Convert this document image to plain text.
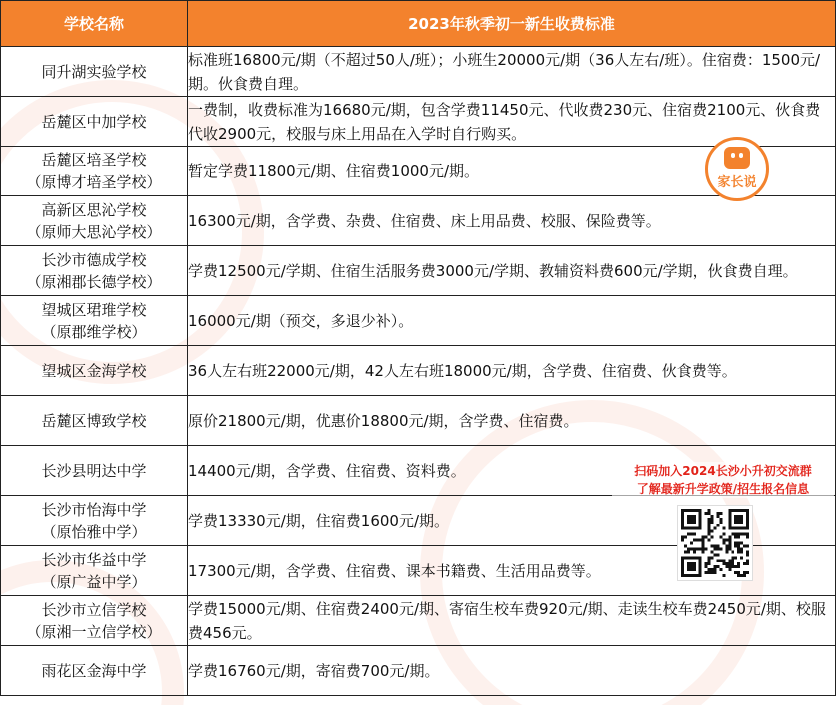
学校名称	2023年秋季初一新生收费标准

同升湖实验学校	标准班16800元/期（不超过50人/班）；小班生20000元/期（36人左右/班）。住宿费：1500元/期。伙食费自理。

岳麓区中加学校	一费制，收费标准为16680元/期，包含学费11450元、代收费230元、住宿费2100元、伙食费代收2900元，校服与床上用品在入学时自行购买。

岳麓区培圣学校
（原博才培圣学校）	暂定学费11800元/期、住宿费1000元/期。

高新区思沁学校
（原师大思沁学校）	16300元/期，含学费、杂费、住宿费、床上用品费、校服、保险费等。

长沙市德成学校
（原湘郡长德学校）	学费12500元/学期、住宿生活服务费3000元/学期、教辅资料费600元/学期，伙食费自理。

望城区珺琟学校
（原郡维学校）	16000元/期（预交，多退少补）。

望城区金海学校	36人左右班22000元/期，42人左右班18000元/期，含学费、住宿费、伙食费等。

岳麓区博致学校	原价21800元/期，优惠价18800元/期，含学费、住宿费。

长沙县明达中学	14400元/期，含学费、住宿费、资料费。

长沙市怡海中学
（原怡雅中学）	学费13330元/期，住宿费1600元/期。

长沙市华益中学
（原广益中学）	17300元/期，含学费、住宿费、课本书籍费、生活用品费等。

长沙市立信学校
（原湘一立信学校）	学费15000元/期、住宿费2400元/期、寄宿生校车费920元/期、走读生校车费2450元/期、校服费456元。

雨花区金海中学	学费16760元/期，寄宿费700元/期。
家长说
扫码加入2024长沙小升初交流群
了解最新升学政策/招生报名信息
